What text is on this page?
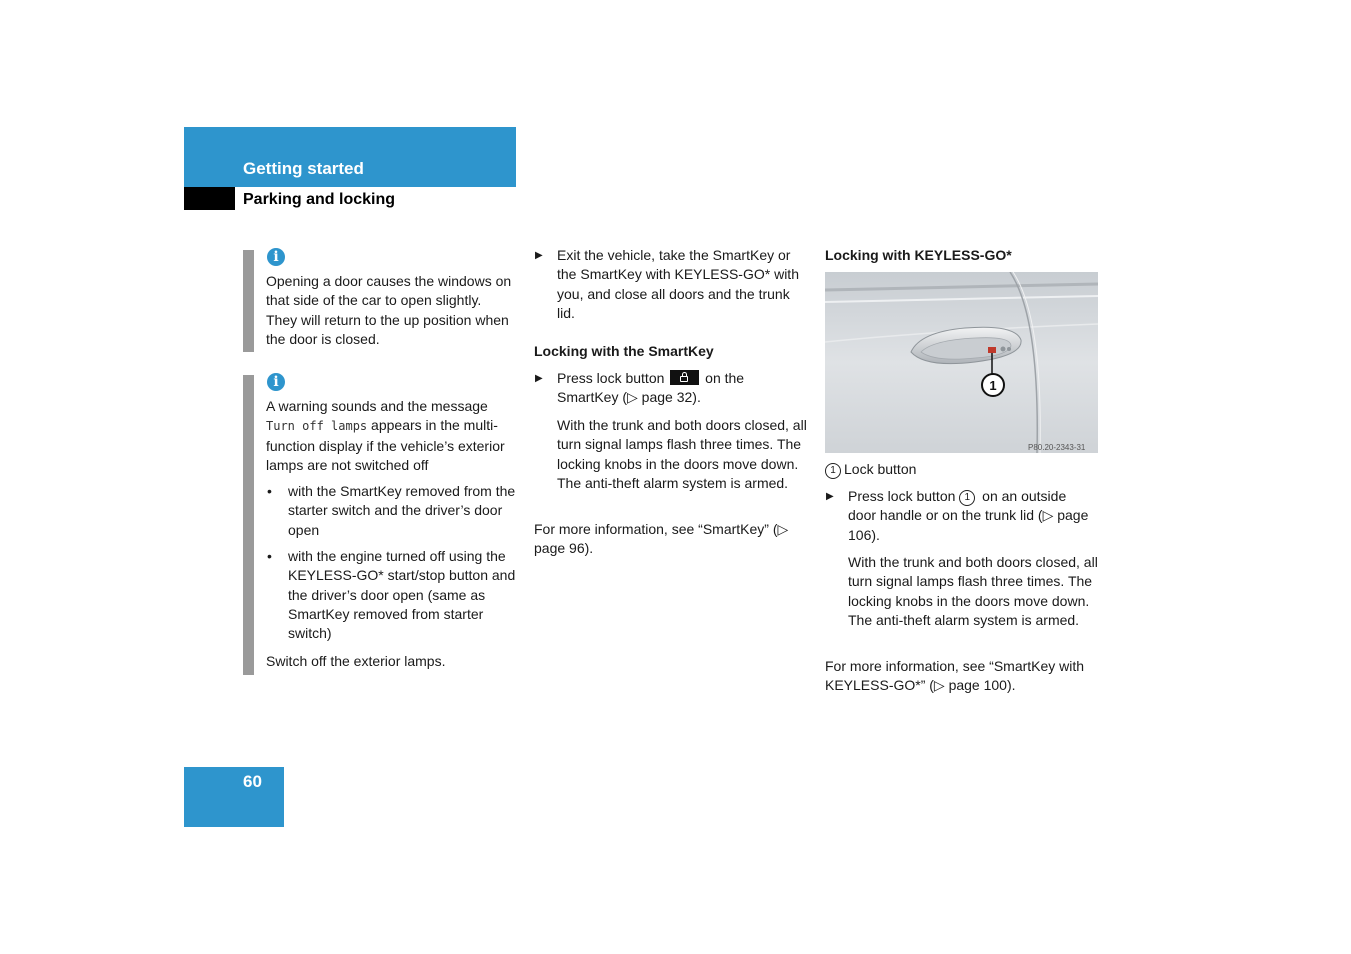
Getting started
Parking and locking
i
Opening a door causes the windows on that side of the car to open slightly. They will return to the up position when the door is closed.
i
A warning sounds and the message Turn off lamps appears in the multi-function display if the vehicle’s exterior lamps are not switched off
• with the SmartKey removed from the starter switch and the driver’s door open
• with the engine turned off using the KEYLESS-GO* start/stop button and the driver’s door open (same as SmartKey removed from starter switch)
Switch off the exterior lamps.
▶ Exit the vehicle, take the SmartKey or the SmartKey with KEYLESS-GO* with you, and close all doors and the trunk lid.
Locking with the SmartKey
▶ Press lock button	on the SmartKey (▷ page 32).
With the trunk and both doors closed, all turn signal lamps flash three times. The locking knobs in the doors move down. The anti-theft alarm system is armed.
For more information, see “SmartKey” (▷ page 96).
Locking with KEYLESS-GO*
1
P80.20-2343-31
1 Lock button
▶ Press lock button 1 on an outside door handle or on the trunk lid (▷ page 106).
With the trunk and both doors closed, all turn signal lamps flash three times. The locking knobs in the doors move down. The anti-theft alarm system is armed.
For more information, see “SmartKey with KEYLESS-GO*” (▷ page 100).
60
